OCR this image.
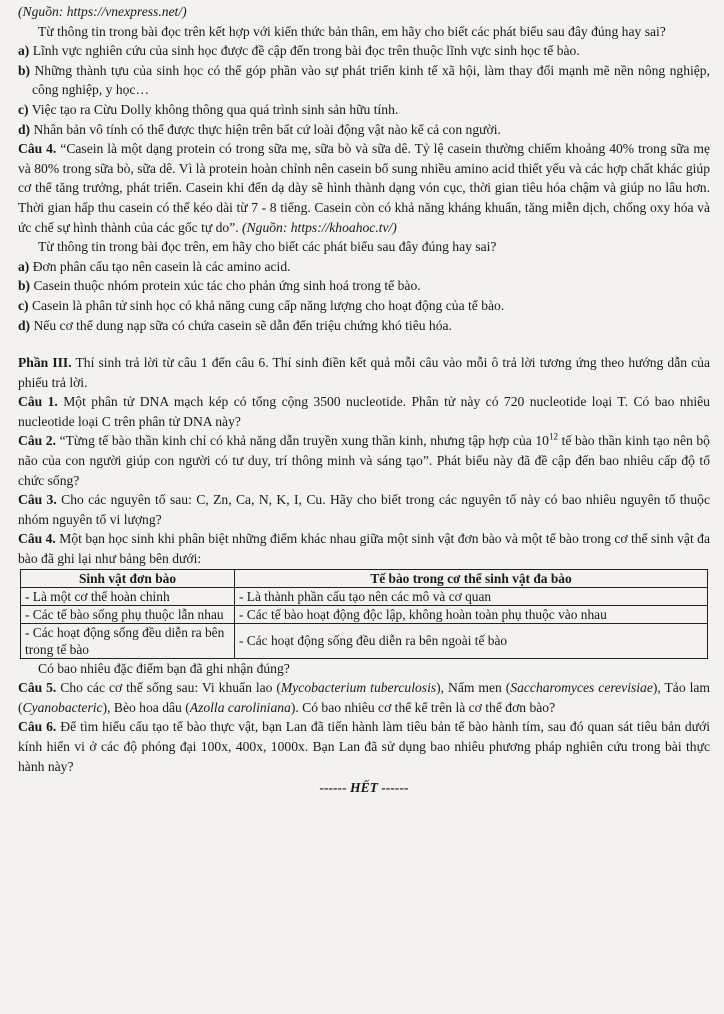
(Nguồn: https://vnexpress.net/)

Từ thông tin trong bài đọc trên kết hợp với kiến thức bản thân, em hãy cho biết các phát biểu sau đây đúng hay sai?

a) Lĩnh vực nghiên cứu của sinh học được đề cập đến trong bài đọc trên thuộc lĩnh vực sinh học tế bào.

b) Những thành tựu của sinh học có thể góp phần vào sự phát triển kinh tế xã hội, làm thay đổi mạnh mẽ nền nông nghiệp, công nghiệp, y học…

c) Việc tạo ra Cừu Dolly không thông qua quá trình sinh sản hữu tính.

d) Nhân bản vô tính có thể được thực hiện trên bất cứ loài động vật nào kể cả con người.

Câu 4. “Casein là một dạng protein có trong sữa mẹ, sữa bò và sữa dê. Tỷ lệ casein thường chiếm khoảng 40% trong sữa mẹ và 80% trong sữa bò, sữa dê. Vì là protein hoàn chỉnh nên casein bổ sung nhiều amino acid thiết yếu và các hợp chất khác giúp cơ thể tăng trưởng, phát triển. Casein khi đến dạ dày sẽ hình thành dạng vón cục, thời gian tiêu hóa chậm và giúp no lâu hơn. Thời gian hấp thu casein có thể kéo dài từ 7 - 8 tiếng. Casein còn có khả năng kháng khuẩn, tăng miễn dịch, chống oxy hóa và ức chế sự hình thành của các gốc tự do”. (Nguồn: https://khoahoc.tv/)

Từ thông tin trong bài đọc trên, em hãy cho biết các phát biểu sau đây đúng hay sai?

a) Đơn phân cấu tạo nên casein là các amino acid.

b) Casein thuộc nhóm protein xúc tác cho phản ứng sinh hoá trong tế bào.

c) Casein là phân tử sinh học có khả năng cung cấp năng lượng cho hoạt động của tế bào.

d) Nếu cơ thể dung nạp sữa có chứa casein sẽ dẫn đến triệu chứng khó tiêu hóa.

Phần III. Thí sinh trả lời từ câu 1 đến câu 6. Thí sinh điền kết quả mỗi câu vào mỗi ô trả lời tương ứng theo hướng dẫn của phiếu trả lời.

Câu 1. Một phân tử DNA mạch kép có tổng cộng 3500 nucleotide. Phân tử này có 720 nucleotide loại T. Có bao nhiêu nucleotide loại C trên phân tử DNA này?

Câu 2. “Từng tế bào thần kinh chỉ có khả năng dẫn truyền xung thần kinh, nhưng tập hợp của $10^{12}$ tế bào thần kinh tạo nên bộ não của con người giúp con người có tư duy, trí thông minh và sáng tạo”. Phát biểu này đã đề cập đến bao nhiêu cấp độ tổ chức sống?

Câu 3. Cho các nguyên tố sau: C, Zn, Ca, N, K, I, Cu. Hãy cho biết trong các nguyên tố này có bao nhiêu nguyên tố thuộc nhóm nguyên tố vi lượng?

Câu 4. Một bạn học sinh khi phân biệt những điểm khác nhau giữa một sinh vật đơn bào và một tế bào trong cơ thể sinh vật đa bào đã ghi lại như bảng bên dưới:

Sinh vật đơn bào	Tế bào trong cơ thể sinh vật đa bào
- Là một cơ thể hoàn chỉnh	- Là thành phần cấu tạo nên các mô và cơ quan
- Các tế bào sống phụ thuộc lẫn nhau	- Các tế bào hoạt động độc lập, không hoàn toàn phụ thuộc vào nhau
- Các hoạt động sống đều diễn ra bên trong tế bào	- Các hoạt động sống đều diễn ra bên ngoài tế bào

Có bao nhiêu đặc điểm bạn đã ghi nhận đúng?

Câu 5. Cho các cơ thể sống sau: Vi khuẩn lao (Mycobacterium tuberculosis), Nấm men (Saccharomyces cerevisiae), Tảo lam (Cyanobacteric), Bèo hoa dâu (Azolla caroliniana). Có bao nhiêu cơ thể kể trên là cơ thể đơn bào?

Câu 6. Để tìm hiểu cấu tạo tế bào thực vật, bạn Lan đã tiến hành làm tiêu bản tế bào hành tím, sau đó quan sát tiêu bản dưới kính hiển vi ở các độ phóng đại 100x, 400x, 1000x. Bạn Lan đã sử dụng bao nhiêu phương pháp nghiên cứu trong bài thực hành này?

------ HẾT ------
